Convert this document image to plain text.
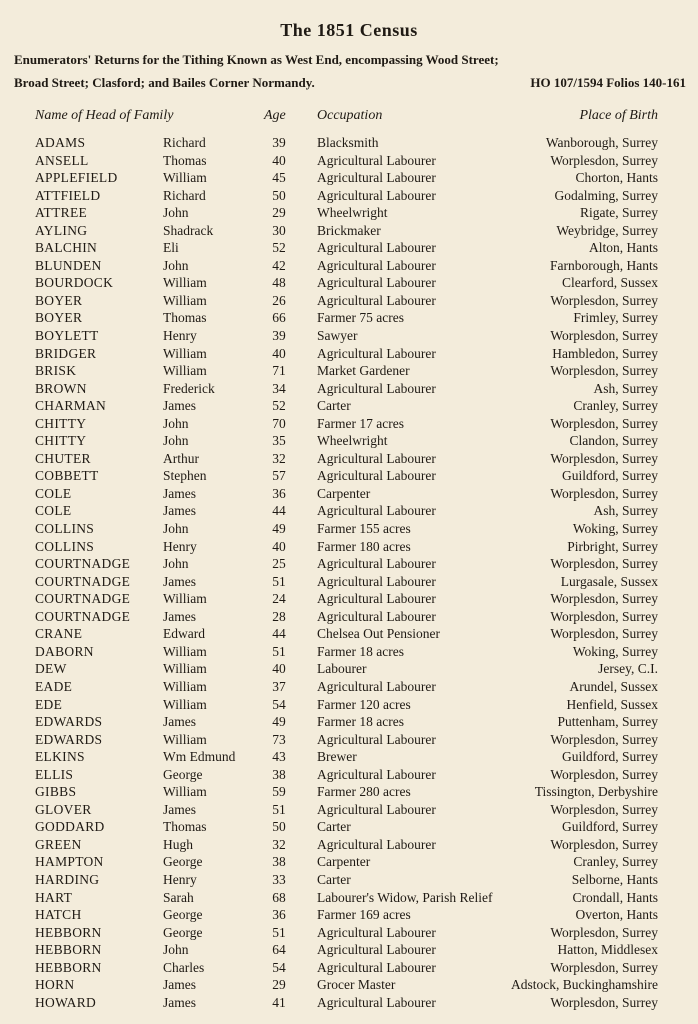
The 1851 Census
Enumerators' Returns for the Tithing Known as West End, encompassing Wood Street;
Broad Street; Clasford; and Bailes Corner Normandy.	HO 107/1594 Folios 140-161
Name of Head of Family	Age Occupation	Place of Birth
ADAMS	Richard	39	Blacksmith	Wanborough, Surrey
ANSELL	Thomas	40	Agricultural Labourer	Worplesdon, Surrey
APPLEFIELD	William	45	Agricultural Labourer	Chorton, Hants
ATTFIELD	Richard	50	Agricultural Labourer	Godalming, Surrey
ATTREE	John	29	Wheelwright	Rigate, Surrey
AYLING	Shadrack	30	Brickmaker	Weybridge, Surrey
BALCHIN	Eli	52	Agricultural Labourer	Alton, Hants
BLUNDEN	John	42	Agricultural Labourer	Farnborough, Hants
BOURDOCK	William	48	Agricultural Labourer	Clearford, Sussex
BOYER	William	26	Agricultural Labourer	Worplesdon, Surrey
BOYER	Thomas	66	Farmer 75 acres	Frimley, Surrey
BOYLETT	Henry	39	Sawyer	Worplesdon, Surrey
BRIDGER	William	40	Agricultural Labourer	Hambledon, Surrey
BRISK	William	71	Market Gardener	Worplesdon, Surrey
BROWN	Frederick	34	Agricultural Labourer	Ash, Surrey
CHARMAN	James	52	Carter	Cranley, Surrey
CHITTY	John	70	Farmer 17 acres	Worplesdon, Surrey
CHITTY	John	35	Wheelwright	Clandon, Surrey
CHUTER	Arthur	32	Agricultural Labourer	Worplesdon, Surrey
COBBETT	Stephen	57	Agricultural Labourer	Guildford, Surrey
COLE	James	36	Carpenter	Worplesdon, Surrey
COLE	James	44	Agricultural Labourer	Ash, Surrey
COLLINS	John	49	Farmer 155 acres	Woking, Surrey
COLLINS	Henry	40	Farmer 180 acres	Pirbright, Surrey
COURTNADGE John	25	Agricultural Labourer	Worplesdon, Surrey
COURTNADGE James	51	Agricultural Labourer	Lurgasale, Sussex
COURTNADGE William	24	Agricultural Labourer	Worplesdon, Surrey
COURTNADGE James	28	Agricultural Labourer	Worplesdon, Surrey
CRANE	Edward	44	Chelsea Out Pensioner	Worplesdon, Surrey
DABORN	William	51	Farmer 18 acres	Woking, Surrey
DEW	William	40	Labourer	Jersey, C.I.
EADE	William	37	Agricultural Labourer	Arundel, Sussex
EDE	William	54	Farmer 120 acres	Henfield, Sussex
EDWARDS	James	49	Farmer 18 acres	Puttenham, Surrey
EDWARDS	William	73	Agricultural Labourer	Worplesdon, Surrey
ELKINS	Wm Edmund	43	Brewer	Guildford, Surrey
ELLIS	George	38	Agricultural Labourer	Worplesdon, Surrey
GIBBS	William	59	Farmer 280 acres	Tissington, Derbyshire
GLOVER	James	51	Agricultural Labourer	Worplesdon, Surrey
GODDARD	Thomas	50	Carter	Guildford, Surrey
GREEN	Hugh	32	Agricultural Labourer	Worplesdon, Surrey
HAMPTON	George	38	Carpenter	Cranley, Surrey
HARDING	Henry	33	Carter	Selborne, Hants
HART	Sarah	68	Labourer's Widow, Parish Relief	Crondall, Hants
HATCH	George	36	Farmer 169 acres	Overton, Hants
HEBBORN	George	51	Agricultural Labourer	Worplesdon, Surrey
HEBBORN	John	64	Agricultural Labourer	Hatton, Middlesex
HEBBORN	Charles	54	Agricultural Labourer	Worplesdon, Surrey
HORN	James	29	Grocer Master	Adstock, Buckinghamshire
HOWARD	James	41	Agricultural Labourer	Worplesdon, Surrey
